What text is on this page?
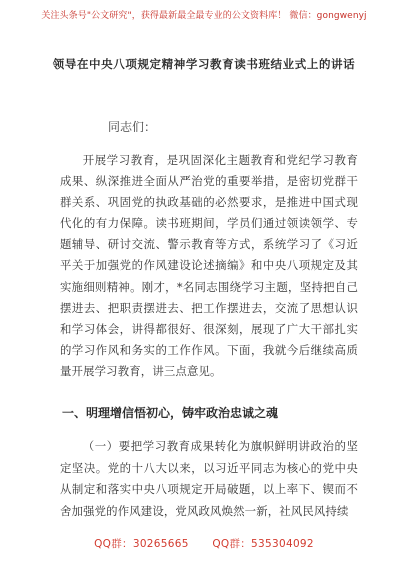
关注头条号"公文研究"，获得最新最全最专业的公文资料库！ 微信：gongwenyj
领导在中央八项规定精神学习教育读书班结业式上的讲话
同志们：

开展学习教育，是巩固深化主题教育和党纪学习教育成果、纵深推进全面从严治党的重要举措，是密切党群干群关系、巩固党的执政基础的必然要求，是推进中国式现代化的有力保障。读书班期间，学员们通过领读领学、专题辅导、研讨交流、警示教育等方式，系统学习了《习近平关于加强党的作风建设论述摘编》和中央八项规定及其实施细则精神。刚才，*名同志围绕学习主题，坚持把自己摆进去、把职责摆进去、把工作摆进去，交流了思想认识和学习体会，讲得都很好、很深刻，展现了广大干部扎实的学习作风和务实的工作作风。下面，我就今后继续高质量开展学习教育，讲三点意见。

一、明理增信悟初心，铸牢政治忠诚之魂

（一）要把学习教育成果转化为旗帜鲜明讲政治的坚定坚决。党的十八大以来，以习近平同志为核心的党中央从制定和落实中央八项规定开局破题，以上率下、锲而不舍加强党的作风建设，党风政风焕然一新，社风民风持续

QQ群：30265665 QQ群：535304092
